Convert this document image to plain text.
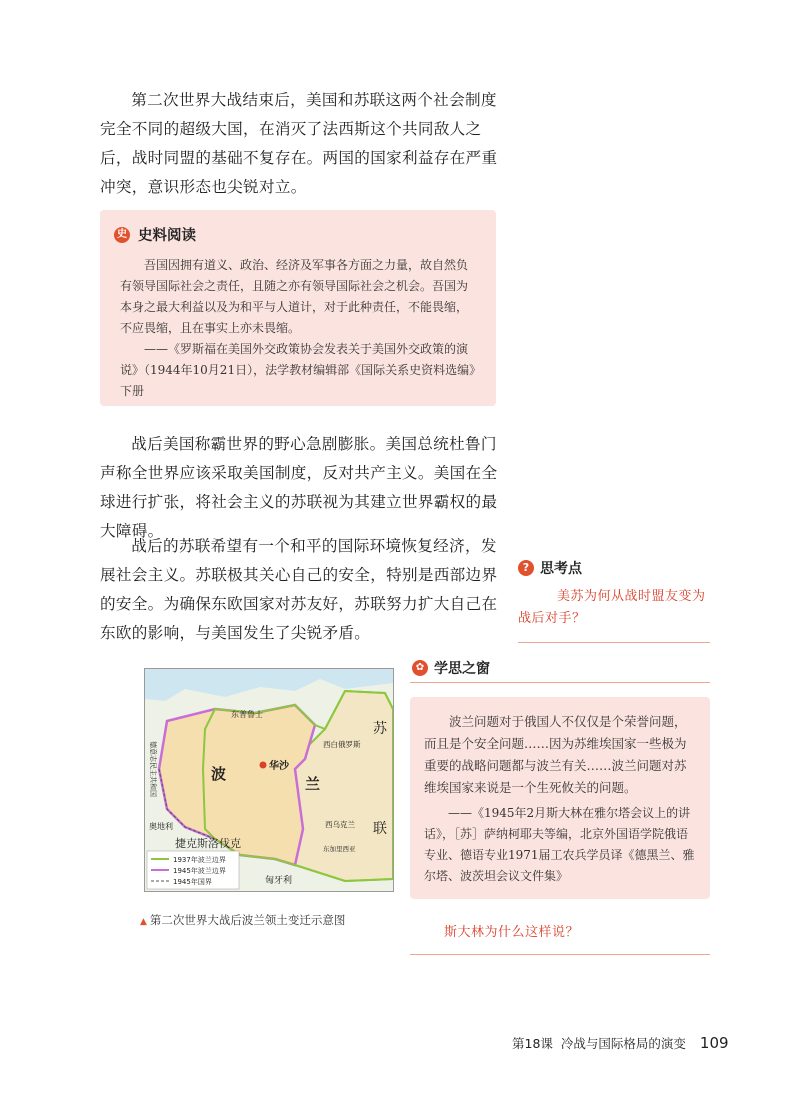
第二次世界大战结束后，美国和苏联这两个社会制度完全不同的超级大国，在消灭了法西斯这个共同敌人之后，战时同盟的基础不复存在。两国的国家利益存在严重冲突，意识形态也尖锐对立。

史 史料阅读

吾国因拥有道义、政治、经济及军事各方面之力量，故自然负有领导国际社会之责任，且随之亦有领导国际社会之机会。吾国为本身之最大利益以及为和平与人道计，对于此种责任，不能畏缩，不应畏缩，且在事实上亦未畏缩。

——《罗斯福在美国外交政策协会发表关于美国外交政策的演说》（1944年10月21日），法学教材编辑部《国际关系史资料选编》下册

战后美国称霸世界的野心急剧膨胀。美国总统杜鲁门声称全世界应该采取美国制度，反对共产主义。美国在全球进行扩张，将社会主义的苏联视为其建立世界霸权的最大障碍。

战后的苏联希望有一个和平的国际环境恢复经济，发展社会主义。苏联极其关心自己的安全，特别是西部边界的安全。为确保东欧国家对苏友好，苏联努力扩大自己在东欧的影响，与美国发生了尖锐矛盾。

? 思考点

美苏为何从战时盟友变为战后对手？

东普鲁士
西白俄罗斯
西乌克兰
东加里西亚
苏
联
波
兰
华沙
德意志民主共和国
捷克斯洛伐克
奥地利
匈牙利
1937年波兰边界
1945年波兰边界
1945年国界
▲ 第二次世界大战后波兰领土变迁示意图
✿ 学思之窗

波兰问题对于俄国人不仅仅是个荣誉问题，而且是个安全问题……因为苏维埃国家一些极为重要的战略问题都与波兰有关……波兰问题对苏维埃国家来说是一个生死攸关的问题。

——《1945年2月斯大林在雅尔塔会议上的讲话》，［苏］萨纳柯耶夫等编，北京外国语学院俄语专业、德语专业1971届工农兵学员译《德黑兰、雅尔塔、波茨坦会议文件集》

斯大林为什么这样说？

第18课 冷战与国际格局的演变 109
